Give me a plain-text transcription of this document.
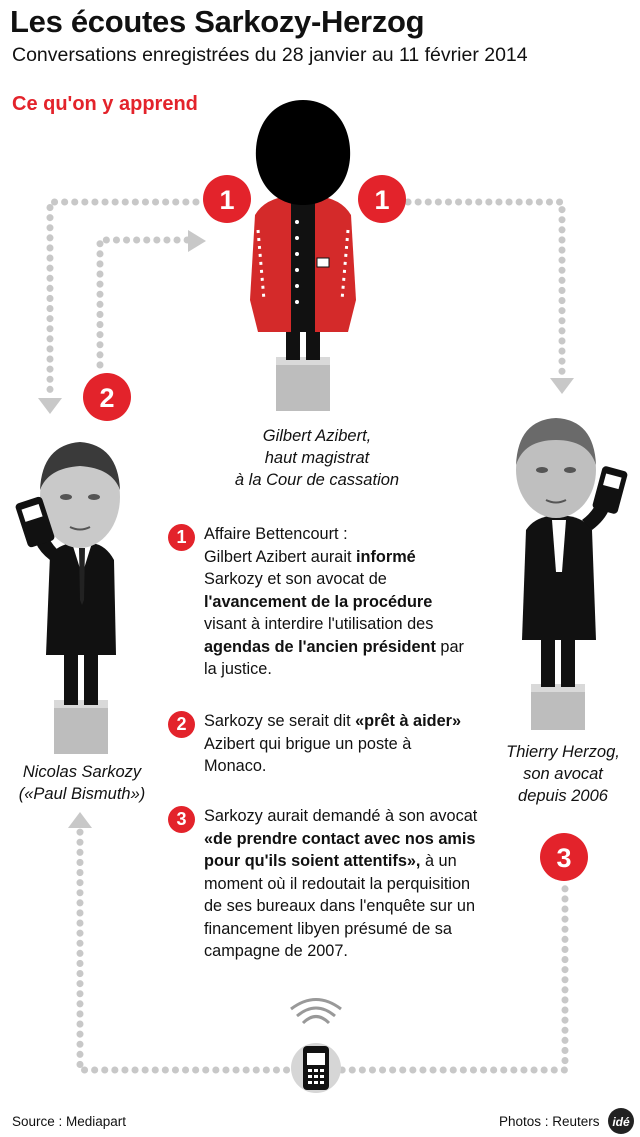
Les écoutes Sarkozy-Herzog
Conversations enregistrées du 28 janvier au 11 février 2014
Ce qu'on y apprend
1	1
2
3
idé
Gilbert Azibert,
haut magistrat
à la Cour de cassation
Nicolas Sarkozy
(«Paul Bismuth»)
Thierry Herzog,
son avocat
depuis 2006
1	Affaire Bettencourt :
Gilbert Azibert aurait informé
Sarkozy et son avocat de
l'avancement de la procédure
visant à interdire l'utilisation des agendas de l'ancien président par la justice.
2	Sarkozy se serait dit «prêt à aider» Azibert qui brigue un poste à Monaco.
3	Sarkozy aurait demandé à son avocat «de prendre contact avec nos amis pour qu'ils soient attentifs», à un moment où il redoutait la perquisition de ses bureaux dans l'enquête sur un financement libyen présumé de sa campagne de 2007.
Source : Mediapart	Photos : Reuters
